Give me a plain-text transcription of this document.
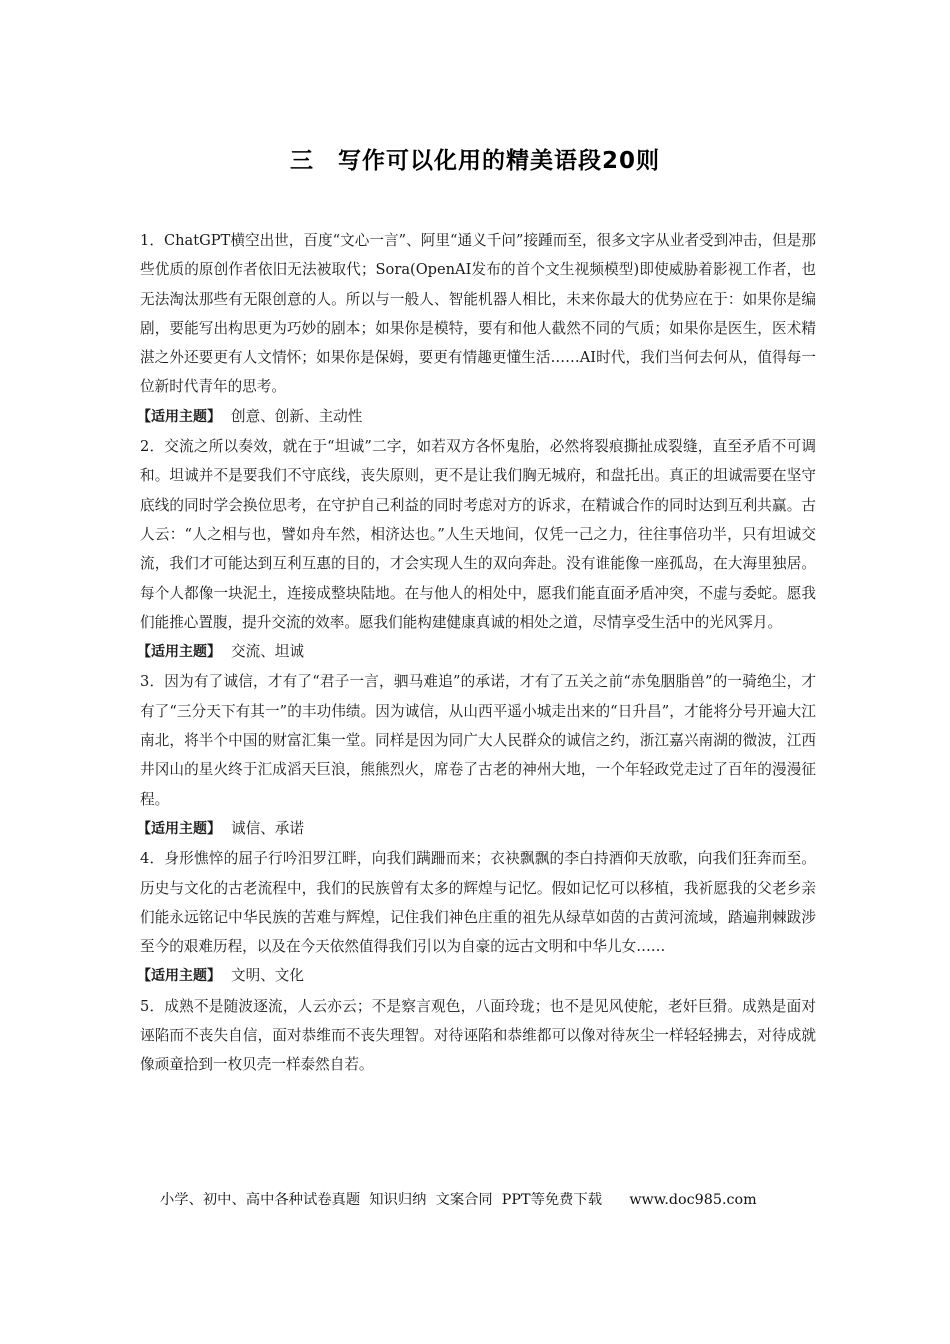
三　写作可以化用的精美语段20则

1．ChatGPT横空出世，百度“文心一言”、阿里“通义千问”接踵而至，很多文字从业者受到冲击，但是那些优质的原创作者依旧无法被取代；Sora(OpenAI发布的首个文生视频模型)即使威胁着影视工作者，也无法淘汰那些有无限创意的人。所以与一般人、智能机器人相比，未来你最大的优势应在于：如果你是编剧，要能写出构思更为巧妙的剧本；如果你是模特，要有和他人截然不同的气质；如果你是医生，医术精湛之外还要更有人文情怀；如果你是保姆，要更有情趣更懂生活……AI时代，我们当何去何从，值得每一位新时代青年的思考。

【适用主题】 创意、创新、主动性

2．交流之所以奏效，就在于“坦诚”二字，如若双方各怀鬼胎，必然将裂痕撕扯成裂缝，直至矛盾不可调和。坦诚并不是要我们不守底线，丧失原则，更不是让我们胸无城府，和盘托出。真正的坦诚需要在坚守底线的同时学会换位思考，在守护自己利益的同时考虑对方的诉求，在精诚合作的同时达到互利共赢。古人云：“人之相与也，譬如舟车然，相济达也。”人生天地间，仅凭一己之力，往往事倍功半，只有坦诚交流，我们才可能达到互利互惠的目的，才会实现人生的双向奔赴。没有谁能像一座孤岛，在大海里独居。每个人都像一块泥土，连接成整块陆地。在与他人的相处中，愿我们能直面矛盾冲突，不虚与委蛇。愿我们能推心置腹，提升交流的效率。愿我们能构建健康真诚的相处之道，尽情享受生活中的光风霁月。

【适用主题】 交流、坦诚

3．因为有了诚信，才有了“君子一言，驷马难追”的承诺，才有了五关之前“赤兔胭脂兽”的一骑绝尘，才有了“三分天下有其一”的丰功伟绩。因为诚信，从山西平遥小城走出来的“日升昌”，才能将分号开遍大江南北，将半个中国的财富汇集一堂。同样是因为同广大人民群众的诚信之约，浙江嘉兴南湖的微波，江西井冈山的星火终于汇成滔天巨浪，熊熊烈火，席卷了古老的神州大地，一个年轻政党走过了百年的漫漫征程。

【适用主题】 诚信、承诺

4．身形憔悴的屈子行吟汨罗江畔，向我们蹒跚而来；衣袂飘飘的李白持酒仰天放歌，向我们狂奔而至。历史与文化的古老流程中，我们的民族曾有太多的辉煌与记忆。假如记忆可以移植，我祈愿我的父老乡亲们能永远铭记中华民族的苦难与辉煌，记住我们神色庄重的祖先从绿草如茵的古黄河流域，踏遍荆棘跋涉至今的艰难历程，以及在今天依然值得我们引以为自豪的远古文明和中华儿女……

【适用主题】 文明、文化

5．成熟不是随波逐流，人云亦云；不是察言观色，八面玲珑；也不是见风使舵，老奸巨猾。成熟是面对诬陷而不丧失自信，面对恭维而不丧失理智。对待诬陷和恭维都可以像对待灰尘一样轻轻拂去，对待成就像顽童拾到一枚贝壳一样泰然自若。

小学、初中、高中各种试卷真题  知识归纳  文案合同  PPT等免费下载      www.doc985.com
